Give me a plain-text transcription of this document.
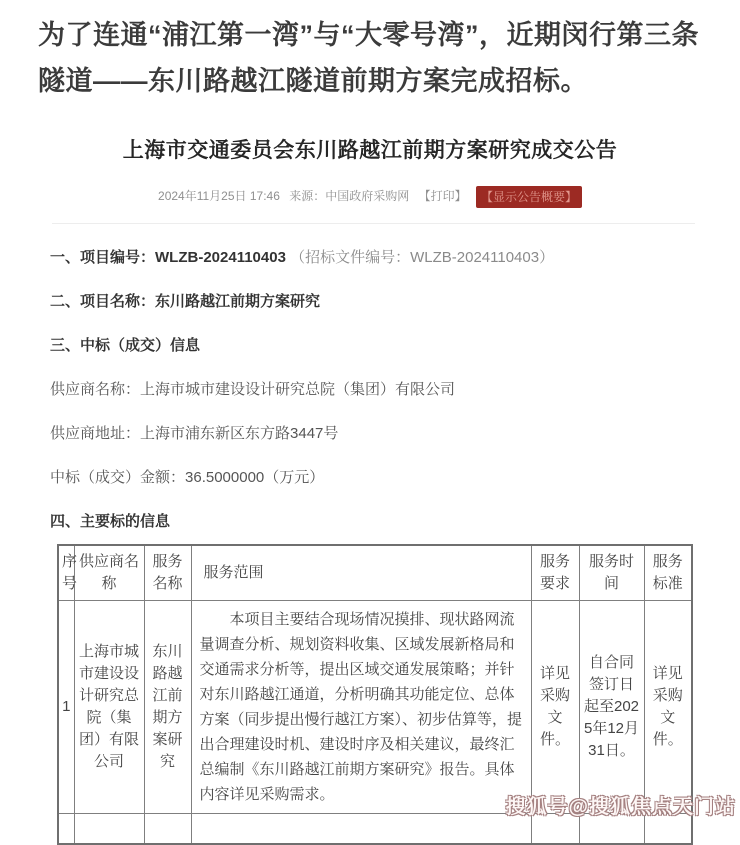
为了连通“浦江第一湾”与“大零号湾”，近期闵行第三条隧道——东川路越江隧道前期方案完成招标。
上海市交通委员会东川路越江前期方案研究成交公告
2024年11月25日 17:46 来源：中国政府采购网 【打印】 【显示公告概要】
一、项目编号：WLZB-2024110403 （招标文件编号：WLZB-2024110403）
二、项目名称：东川路越江前期方案研究
三、中标（成交）信息
供应商名称：上海市城市建设设计研究总院（集团）有限公司
供应商地址：上海市浦东新区东方路3447号
中标（成交）金额：36.5000000（万元）
四、主要标的信息
序号	供应商名称	服务名称	服务范围	服务要求	服务时间	服务标准
1	上海市城市建设设计研究总院（集团）有限公司	东川路越江前期方案研究	本项目主要结合现场情况摸排、现状路网流量调查分析、规划资料收集、区域发展新格局和交通需求分析等，提出区域交通发展策略；并针对东川路越江通道，分析明确其功能定位、总体方案（同步提出慢行越江方案）、初步估算等，提出合理建设时机、建设时序及相关建议，最终汇总编制《东川路越江前期方案研究》报告。具体内容详见采购需求。	详见采购文件。	自合同签订日起至2025年12月31日。	详见采购文件。

搜狐号@搜狐焦点天门站
